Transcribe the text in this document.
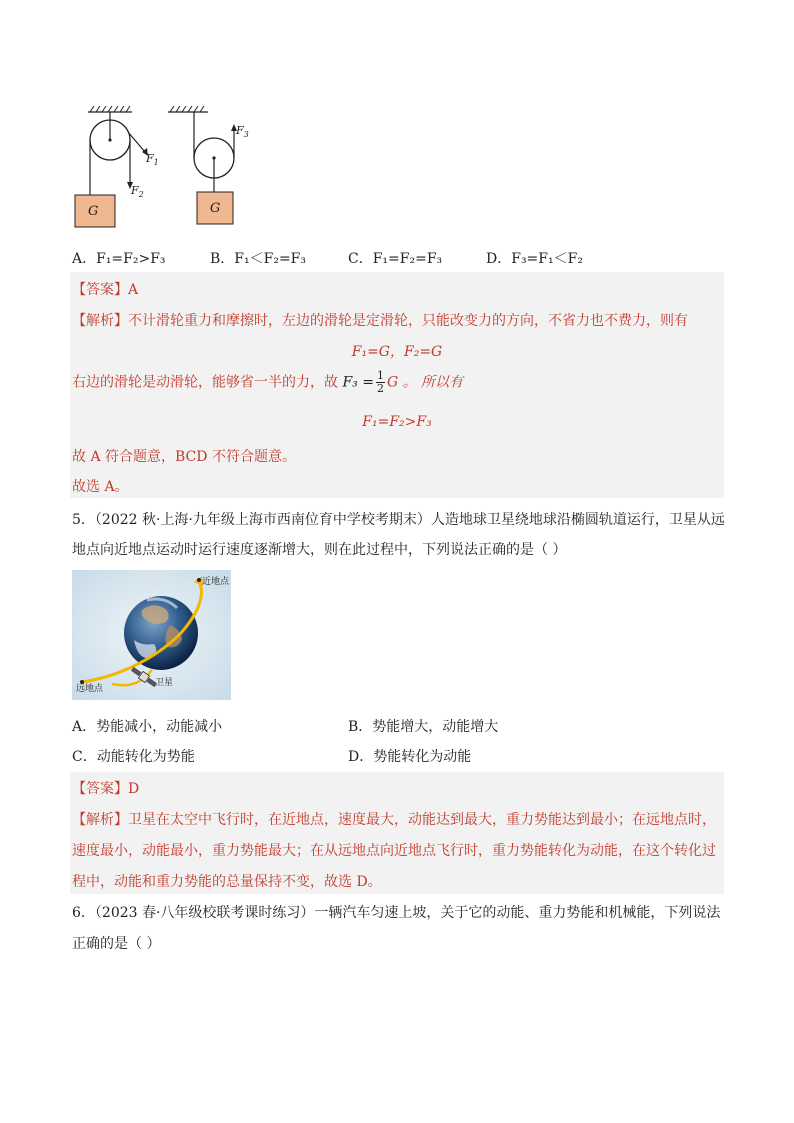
G	G
$F_1$
$F_2$
$F_3$
A．F₁=F₂>F₃	B．F₁＜F₂=F₃	C．F₁=F₂=F₃	D．F₃=F₁＜F₂
【答案】A
【解析】不计滑轮重力和摩擦时，左边的滑轮是定滑轮，只能改变力的方向，不省力也不费力，则有
F₁=G，F₂=G
右边的滑轮是动滑轮，能够省一半的力，故 $F_3 = \frac{1}{2}$ G 。 所以有
F₁=F₂>F₃
故 A 符合题意，BCD 不符合题意。
故选 A。
5．（2022 秋·上海·九年级上海市西南位育中学校考期末）人造地球卫星绕地球沿椭圆轨道运行，卫星从远
地点向近地点运动时运行速度逐渐增大，则在此过程中，下列说法正确的是（ ）
近地点
远地点
卫星
A．势能减小，动能减小	B．势能增大，动能增大
C．动能转化为势能	D．势能转化为动能
【答案】D
【解析】卫星在太空中飞行时，在近地点，速度最大，动能达到最大，重力势能达到最小；在远地点时，
速度最小，动能最小，重力势能最大；在从远地点向近地点飞行时，重力势能转化为动能，在这个转化过
程中，动能和重力势能的总量保持不变，故选 D。
6．（2023 春·八年级校联考课时练习）一辆汽车匀速上坡，关于它的动能、重力势能和机械能，下列说法
正确的是（ ）
